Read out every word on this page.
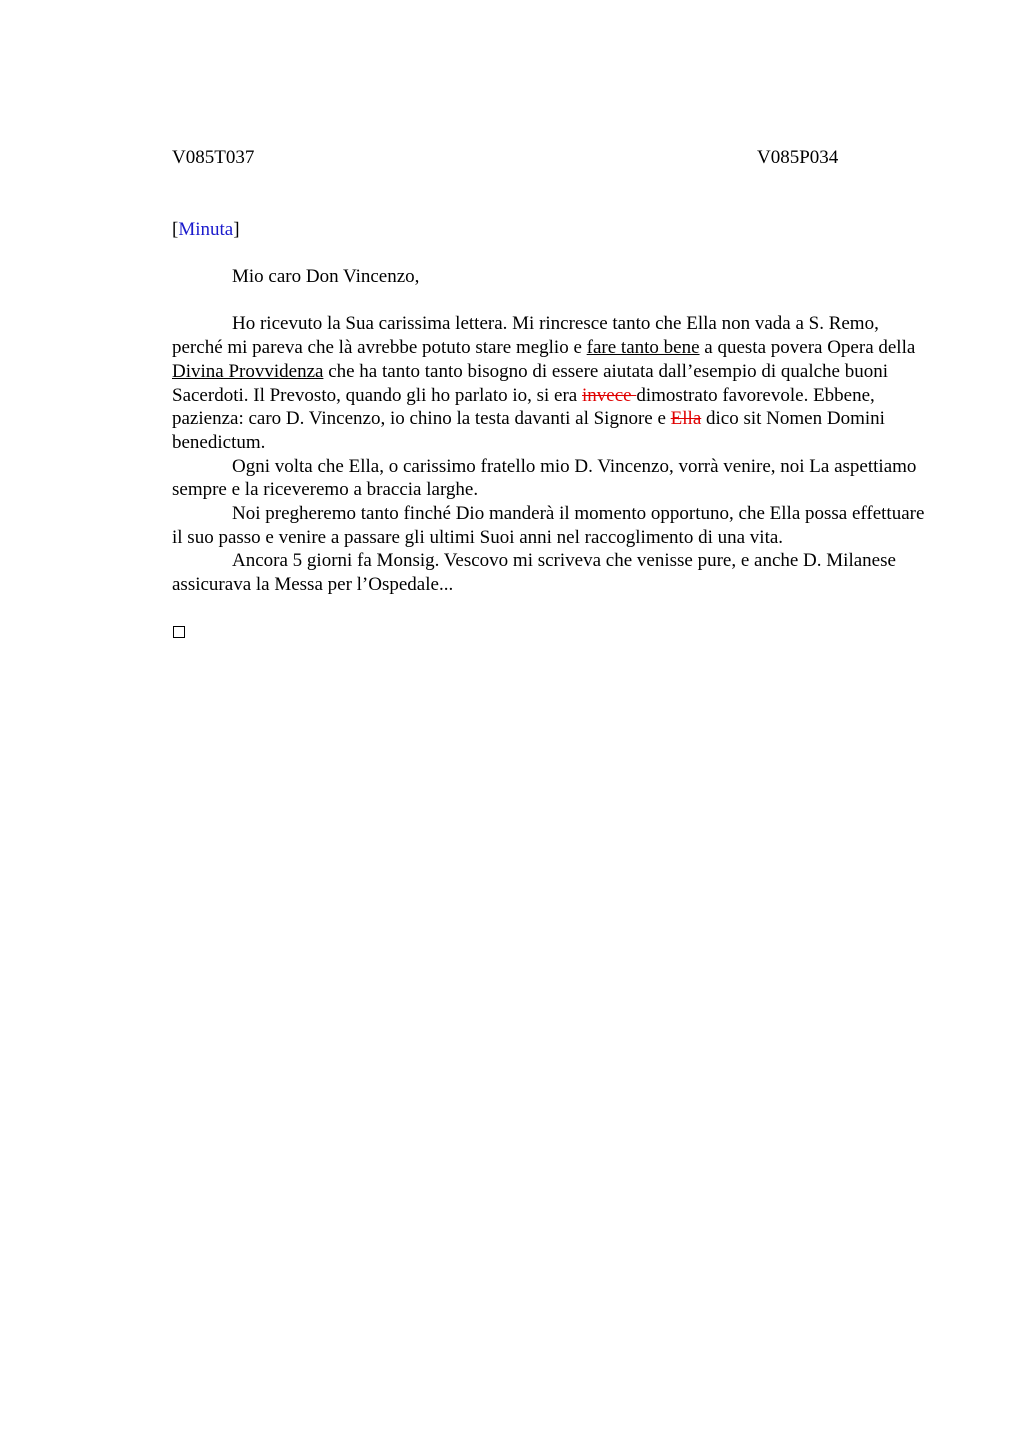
V085T037	V085P034
[Minuta]

Mio caro Don Vincenzo,

Ho ricevuto la Sua carissima lettera. Mi rincresce tanto che Ella non vada a S. Remo, perché mi pareva che là avrebbe potuto stare meglio e fare tanto bene a questa povera Opera della Divina Provvidenza che ha tanto tanto bisogno di essere aiutata dall’esempio di qualche buoni Sacerdoti. Il Prevosto, quando gli ho parlato io, si era invece dimostrato favorevole. Ebbene, pazienza: caro D. Vincenzo, io chino la testa davanti al Signore e Ella dico sit Nomen Domini benedictum.

Ogni volta che Ella, o carissimo fratello mio D. Vincenzo, vorrà venire, noi La aspettiamo sempre e la riceveremo a braccia larghe.

Noi pregheremo tanto finché Dio manderà il momento opportuno, che Ella possa effettuare il suo passo e venire a passare gli ultimi Suoi anni nel raccoglimento di una vita.

Ancora 5 giorni fa Monsig. Vescovo mi scriveva che venisse pure, e anche D. Milanese assicurava la Messa per l’Ospedale...
